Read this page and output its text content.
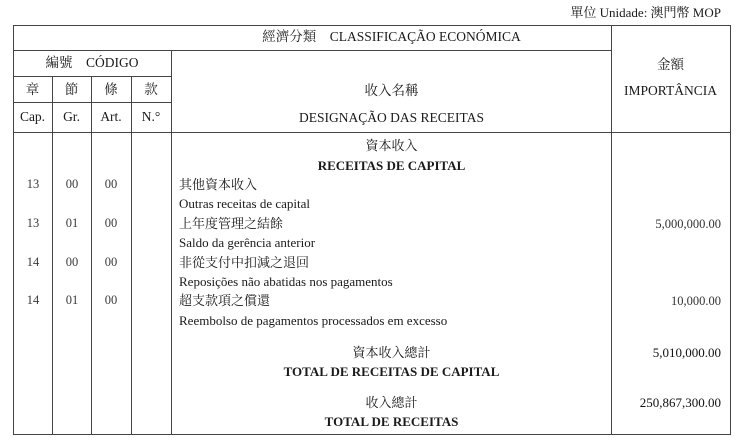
單位 Unidade: 澳門幣 MOP
經濟分類　CLASSIFICAÇÃO ECONÓMICA
編號　CÓDIGO
章	節	條	款
Cap.	Gr.	Art.	N.°
收入名稱
DESIGNAÇÃO DAS RECEITAS
金額
IMPORTÂNCIA
資本收入
RECEITAS DE CAPITAL
13	00	00	其他資本收入
Outras receitas de capital
13	01	00	上年度管理之結餘
Saldo da gerência anterior
5,000,000.00
14	00	00	非從支付中扣減之退回
Reposições não abatidas nos pagamentos
14	01	00	超支款項之償還
Reembolso de pagamentos processados em excesso
10,000.00
資本收入總計
TOTAL DE RECEITAS DE CAPITAL
5,010,000.00
收入總計
TOTAL DE RECEITAS
250,867,300.00
